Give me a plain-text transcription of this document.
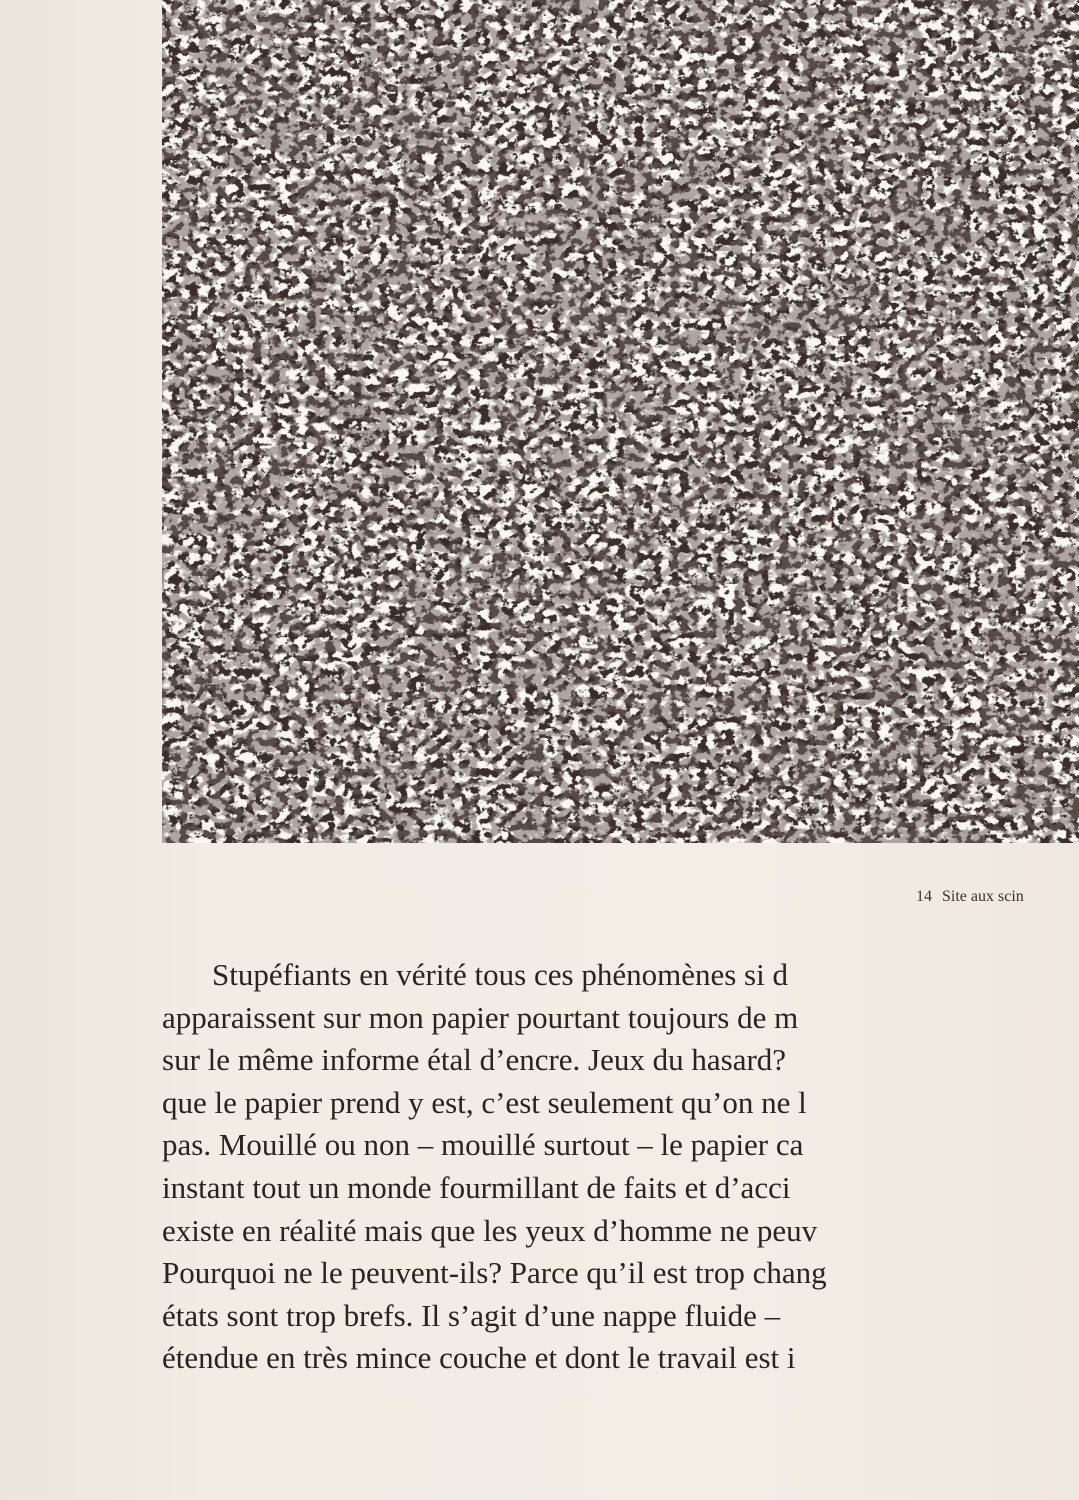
14 Site aux scin
Stupéfiants en vérité tous ces phénomènes si d
apparaissent sur mon papier pourtant toujours de m
sur le même informe étal d’encre. Jeux du hasard?
que le papier prend y est, c’est seulement qu’on ne l
pas. Mouillé ou non – mouillé surtout – le papier ca
instant tout un monde fourmillant de faits et d’acci
existe en réalité mais que les yeux d’homme ne peuv
Pourquoi ne le peuvent-ils? Parce qu’il est trop chang
états sont trop brefs. Il s’agit d’une nappe fluide –
étendue en très mince couche et dont le travail est i
